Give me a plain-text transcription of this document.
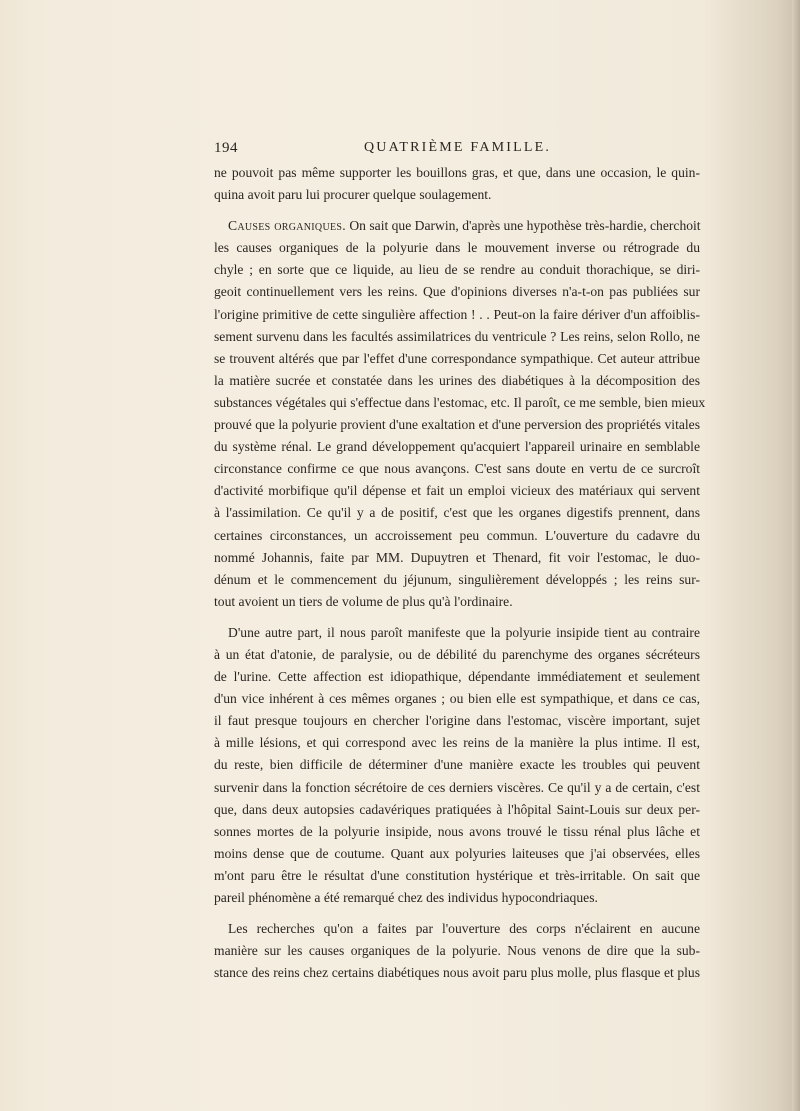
194	QUATRIÈME FAMILLE.
ne pouvoit pas même supporter les bouillons gras, et que, dans une occasion, le quin-
quina avoit paru lui procurer quelque soulagement.
Causes organiques. On sait que Darwin, d'après une hypothèse très-hardie, cherchoit
les causes organiques de la polyurie dans le mouvement inverse ou rétrograde du
chyle ; en sorte que ce liquide, au lieu de se rendre au conduit thorachique, se diri-
geoit continuellement vers les reins. Que d'opinions diverses n'a-t-on pas publiées sur
l'origine primitive de cette singulière affection ! . . Peut-on la faire dériver d'un affoiblis-
sement survenu dans les facultés assimilatrices du ventricule ? Les reins, selon Rollo, ne
se trouvent altérés que par l'effet d'une correspondance sympathique. Cet auteur attribue
la matière sucrée et constatée dans les urines des diabétiques à la décomposition des
substances végétales qui s'effectue dans l'estomac, etc. Il paroît, ce me semble, bien mieux
prouvé que la polyurie provient d'une exaltation et d'une perversion des propriétés vitales
du système rénal. Le grand développement qu'acquiert l'appareil urinaire en semblable
circonstance confirme ce que nous avançons. C'est sans doute en vertu de ce surcroît
d'activité morbifique qu'il dépense et fait un emploi vicieux des matériaux qui servent
à l'assimilation. Ce qu'il y a de positif, c'est que les organes digestifs prennent, dans
certaines circonstances, un accroissement peu commun. L'ouverture du cadavre du
nommé Johannis, faite par MM. Dupuytren et Thenard, fit voir l'estomac, le duo-
dénum et le commencement du jéjunum, singulièrement développés ; les reins sur-
tout avoient un tiers de volume de plus qu'à l'ordinaire.
D'une autre part, il nous paroît manifeste que la polyurie insipide tient au contraire
à un état d'atonie, de paralysie, ou de débilité du parenchyme des organes sécréteurs
de l'urine. Cette affection est idiopathique, dépendante immédiatement et seulement
d'un vice inhérent à ces mêmes organes ; ou bien elle est sympathique, et dans ce cas,
il faut presque toujours en chercher l'origine dans l'estomac, viscère important, sujet
à mille lésions, et qui correspond avec les reins de la manière la plus intime. Il est,
du reste, bien difficile de déterminer d'une manière exacte les troubles qui peuvent
survenir dans la fonction sécrétoire de ces derniers viscères. Ce qu'il y a de certain, c'est
que, dans deux autopsies cadavériques pratiquées à l'hôpital Saint-Louis sur deux per-
sonnes mortes de la polyurie insipide, nous avons trouvé le tissu rénal plus lâche et
moins dense que de coutume. Quant aux polyuries laiteuses que j'ai observées, elles
m'ont paru être le résultat d'une constitution hystérique et très-irritable. On sait que
pareil phénomène a été remarqué chez des individus hypocondriaques.
Les recherches qu'on a faites par l'ouverture des corps n'éclairent en aucune
manière sur les causes organiques de la polyurie. Nous venons de dire que la sub-
stance des reins chez certains diabétiques nous avoit paru plus molle, plus flasque et plus
